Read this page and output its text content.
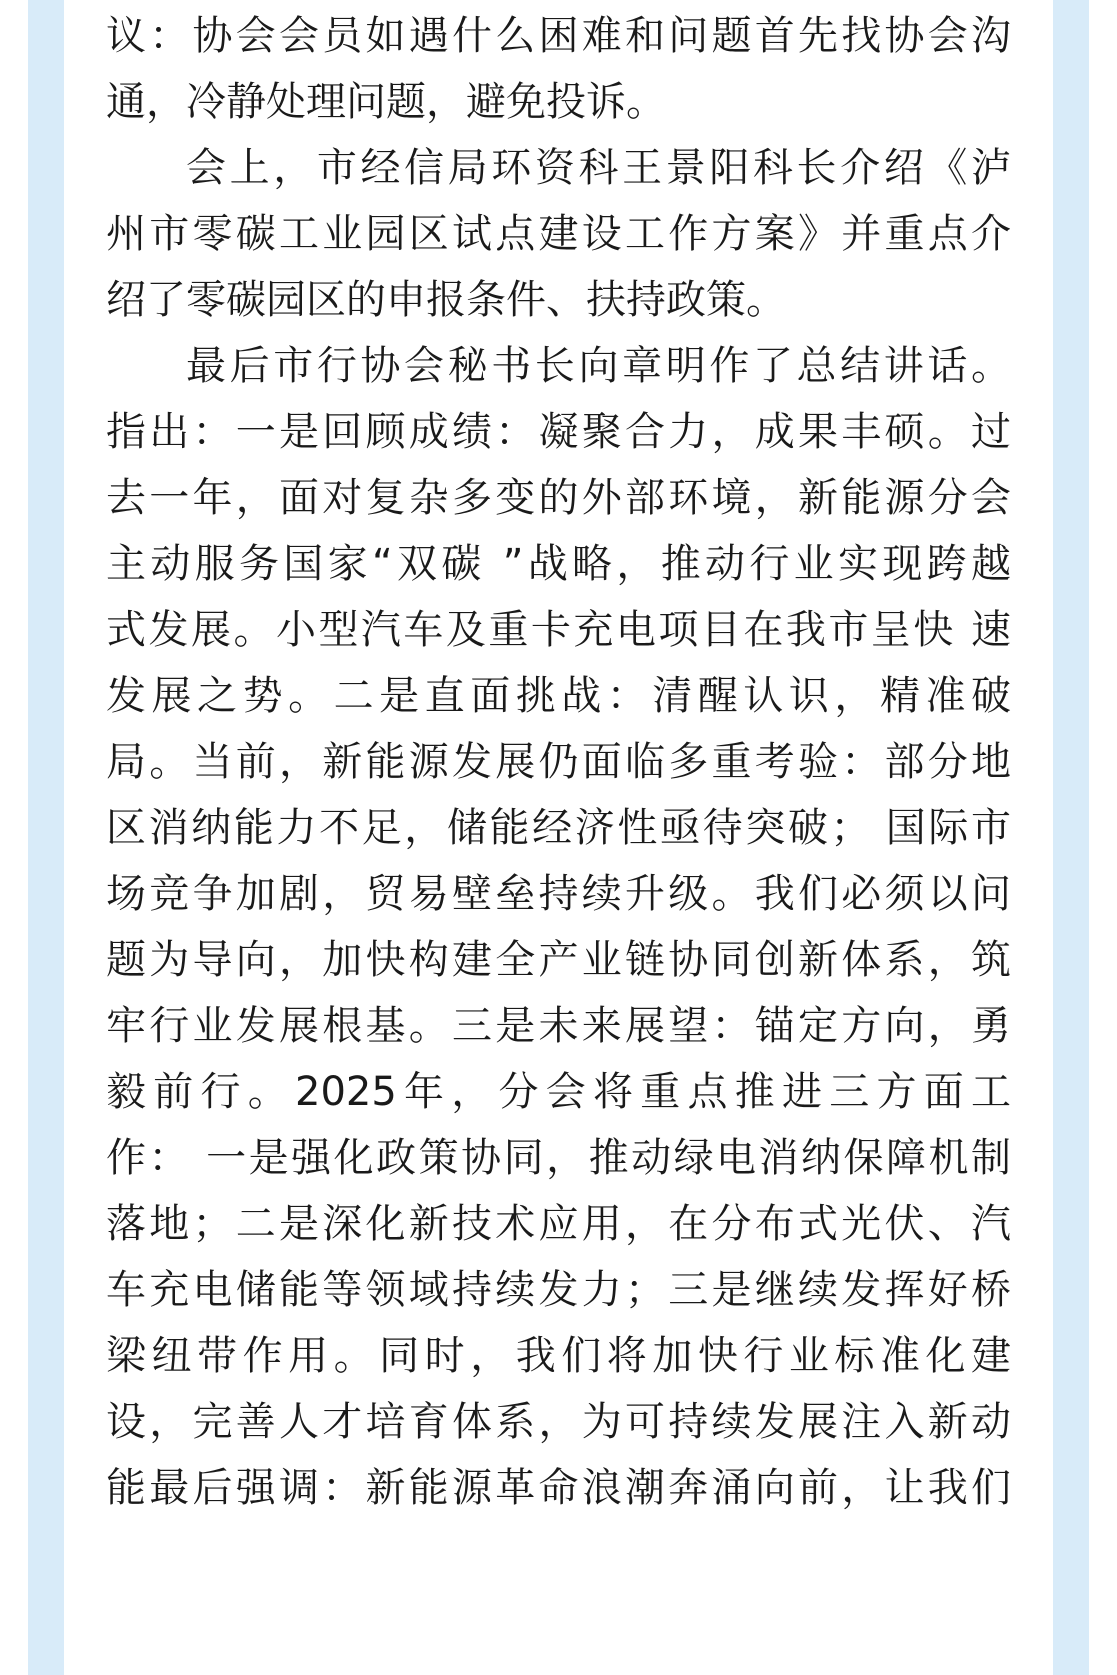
议：协会会员如遇什么困难和问题首先找协会沟
通，冷静处理问题，避免投诉。
会上，市经信局环资科王景阳科长介绍《泸
州市零碳工业园区试点建设工作方案》并重点介
绍了零碳园区的申报条件、扶持政策。
最后市行协会秘书长向章明作了总结讲话。
指出：一是回顾成绩：凝聚合力，成果丰硕。过
去一年，面对复杂多变的外部环境，新能源分会
主动服务国家“双碳 ”战略，推动行业实现跨越
式发展。小型汽车及重卡充电项目在我市呈快 速
发展之势。二是直面挑战：清醒认识，精准破
局。当前，新能源发展仍面临多重考验：部分地
区消纳能力不足，储能经济性亟待突破； 国际市
场竞争加剧，贸易壁垒持续升级。我们必须以问
题为导向，加快构建全产业链协同创新体系，筑
牢行业发展根基。三是未来展望：锚定方向，勇
毅前行。2025年，分会将重点推进三方面工
作： 一是强化政策协同，推动绿电消纳保障机制
落地；二是深化新技术应用，在分布式光伏、汽
车充电储能等领域持续发力；三是继续发挥好桥
梁纽带作用。同时，我们将加快行业标准化建
设，完善人才培育体系，为可持续发展注入新动
能最后强调：新能源革命浪潮奔涌向前，让我们
